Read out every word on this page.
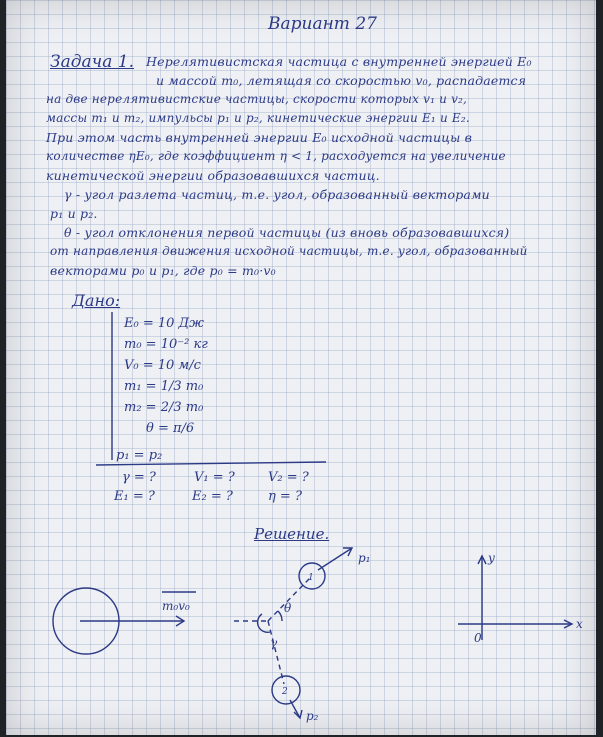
Вариант 27
Задача 1. Нерелятивистская частица с внутренней энергией E₀
и массой m₀, летящая со скоростью v₀, распадается
на две нерелятивистские частицы, скорости которых v₁ и v₂,
массы m₁ и m₂, импульсы p₁ и p₂, кинетические энергии E₁ и E₂.
При этом часть внутренней энергии E₀ исходной частицы в
количестве ηE₀, где коэффициент η < 1, расходуется на увеличение
кинетической энергии образовавшихся частиц.
γ - угол разлета частиц, т.е. угол, образованный векторами
p₁ и p₂.
θ - угол отклонения первой частицы (из вновь образовавшихся)
от направления движения исходной частицы, т.е. угол, образованный
векторами p₀ и p₁, где p₀ = m₀·v₀
Дано:
E₀ = 10 Дж
m₀ = 10⁻² кг
V₀ = 10 м/с
m₁ = 1/3 m₀
m₂ = 2/3 m₀
θ = π/6
p₁ = p₂
γ = ?	V₁ = ?	V₂ = ?
E₁ = ?	E₂ = ?	η = ?
Решение.
m₀v₀
p₁
p₂
θ
γ
1
2
y
x
0
